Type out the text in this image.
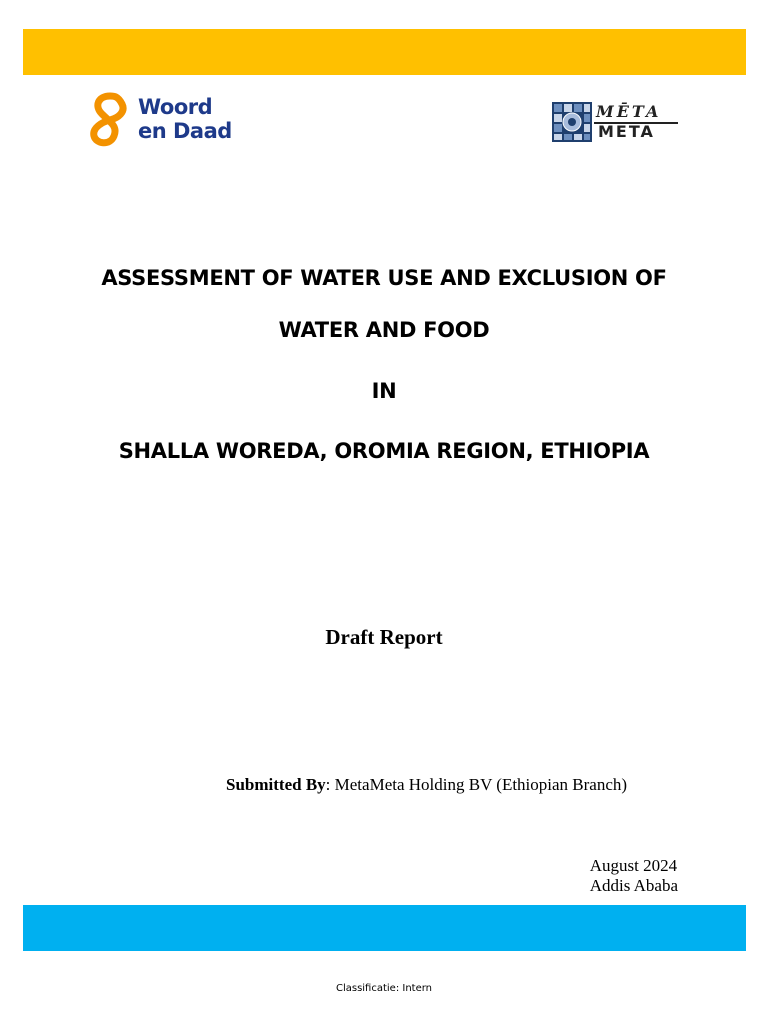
Woord
en Daad
MĒTA
META
ASSESSMENT OF WATER USE AND EXCLUSION OF
WATER AND FOOD
IN
SHALLA WOREDA, OROMIA REGION, ETHIOPIA
Draft Report
Submitted By: MetaMeta Holding BV (Ethiopian Branch)
August 2024
Addis Ababa
Classificatie: Intern
